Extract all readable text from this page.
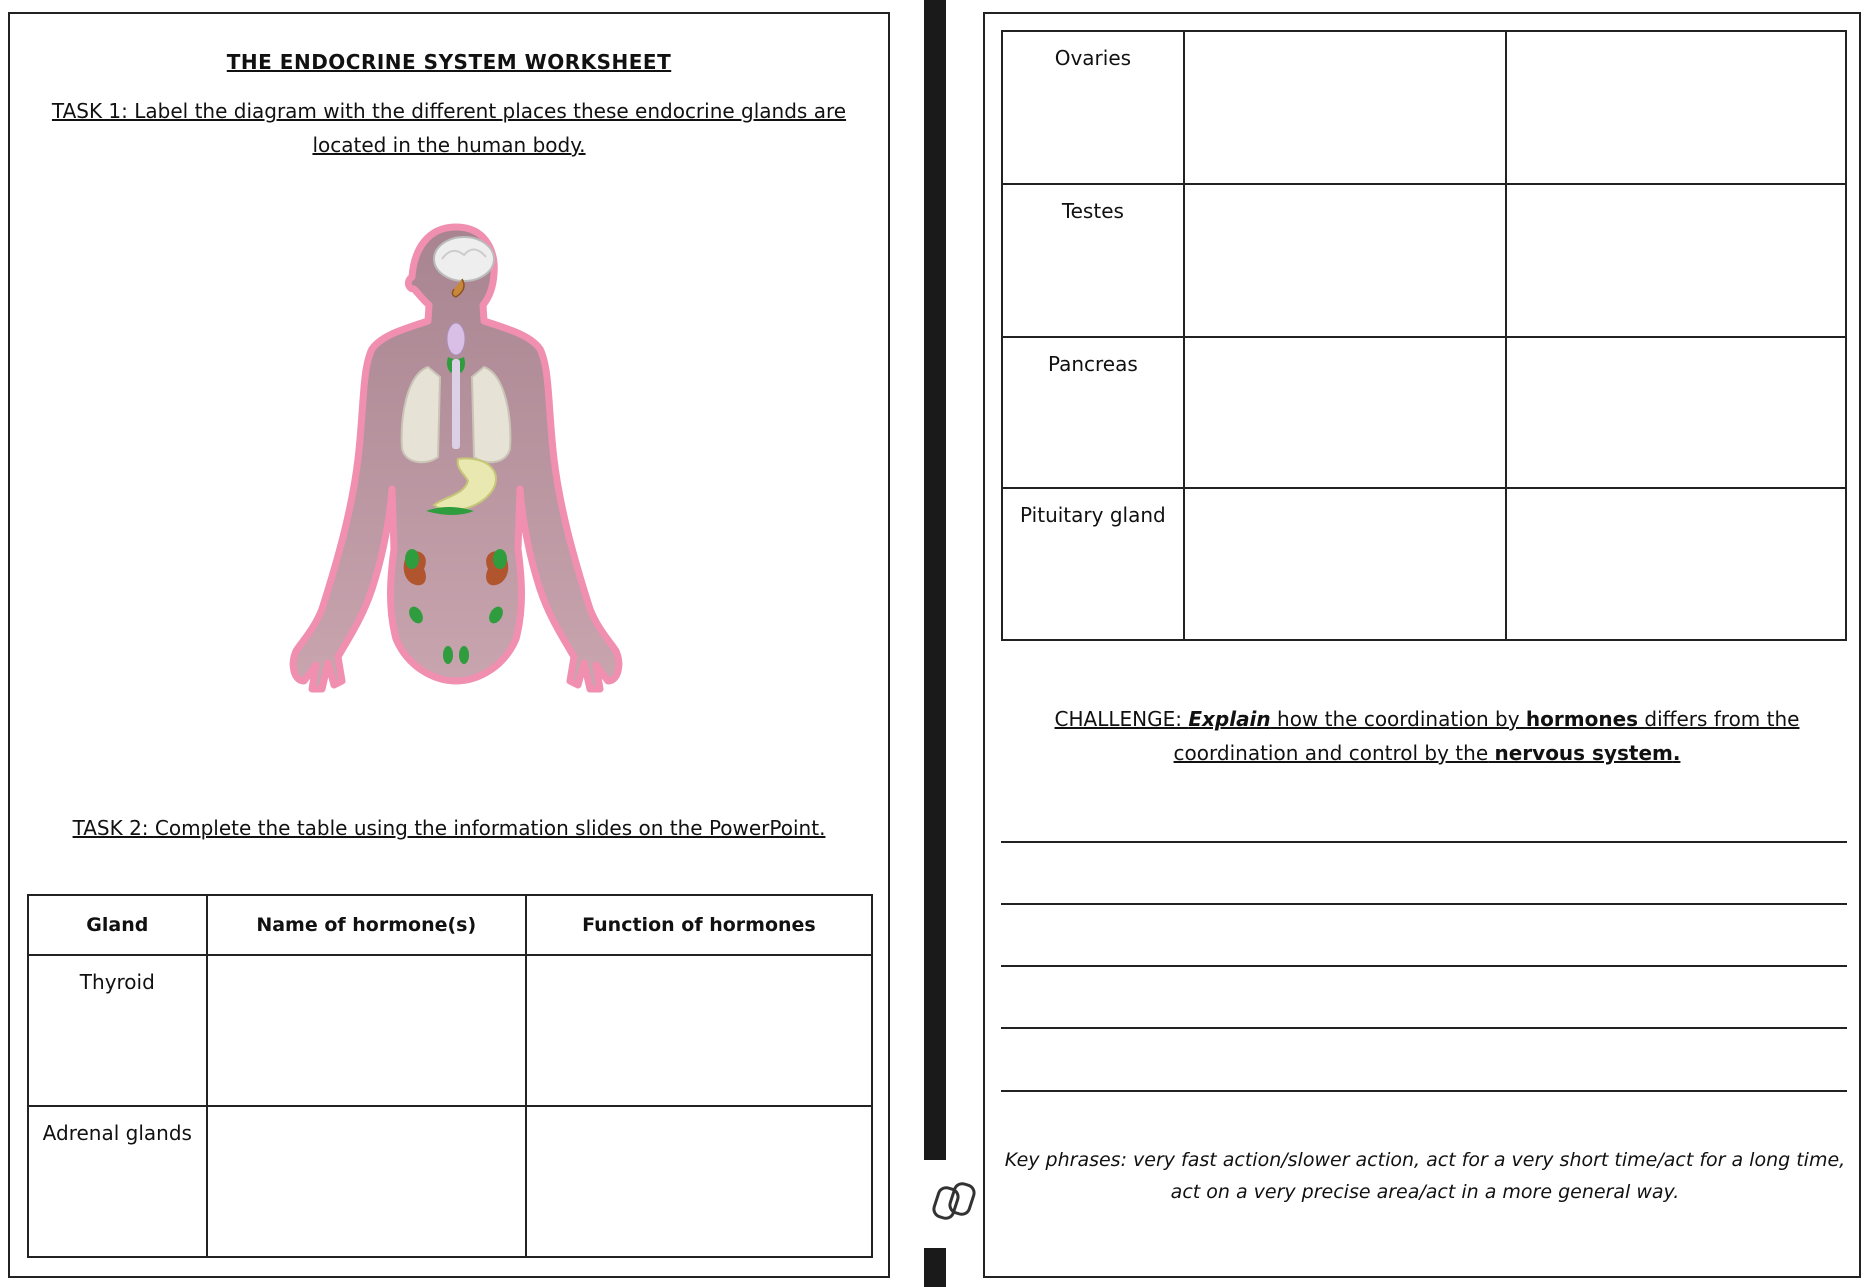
THE ENDOCRINE SYSTEM WORKSHEET
TASK 1: Label the diagram with the different places these endocrine glands are located in the human body.
TASK 2: Complete the table using the information slides on the PowerPoint.
Gland	Name of hormone(s)	Function of hormones
Thyroid		
Adrenal glands		
Ovaries		
Testes		
Pancreas		
Pituitary gland		
CHALLENGE: Explain how the coordination by hormones differs from the coordination and control by the nervous system.
Key phrases: very fast action/slower action, act for a very short time/act for a long time, act on a very precise area/act in a more general way.
